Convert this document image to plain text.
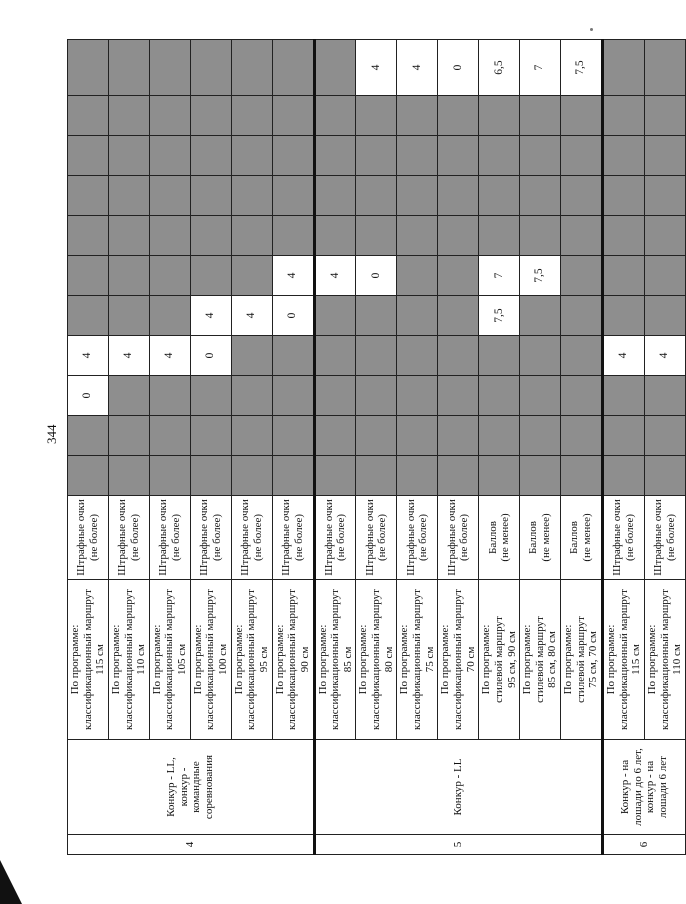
344
4	Конкур - LL, конкур - командные соревнования	По программе:
классификационный маршрут 115 см	Штрафные очки
(не более)			0	4							
		По программе:
классификационный маршрут 110 см	Штрафные очки
(не более)				4							
		По программе:
классификационный маршрут 105 см	Штрафные очки
(не более)				4							
		По программе:
классификационный маршрут 100 см	Штрафные очки
(не более)				0	4						
		По программе:
классификационный маршрут 95 см	Штрафные очки
(не более)					4						
		По программе:
классификационный маршрут 90 см	Штрафные очки
(не более)					0	4					
5	Конкур - LL	По программе:
классификационный маршрут 85 см	Штрафные очки
(не более)						4					
		По программе:
классификационный маршрут 80 см	Штрафные очки
(не более)						0					4
		По программе:
классификационный маршрут 75 см	Штрафные очки
(не более)											4
		По программе:
классификационный маршрут 70 см	Штрафные очки
(не более)											0
		По программе:
стилевой маршрут
95 см, 90 см	Баллов
(не менее)					7,5	7					6,5
		По программе:
стилевой маршрут
85 см, 80 см	Баллов
(не менее)						7,5					7
		По программе:
стилевой маршрут
75 см, 70 см	Баллов
(не менее)											7,5
6	Конкур - на лошади до 6 лет, конкур - на лошади 6 лет	По программе:
классификационный маршрут 115 см	Штрафные очки
(не более)				4							
		По программе:
классификационный маршрут 110 см	Штрафные очки
(не более)				4							
